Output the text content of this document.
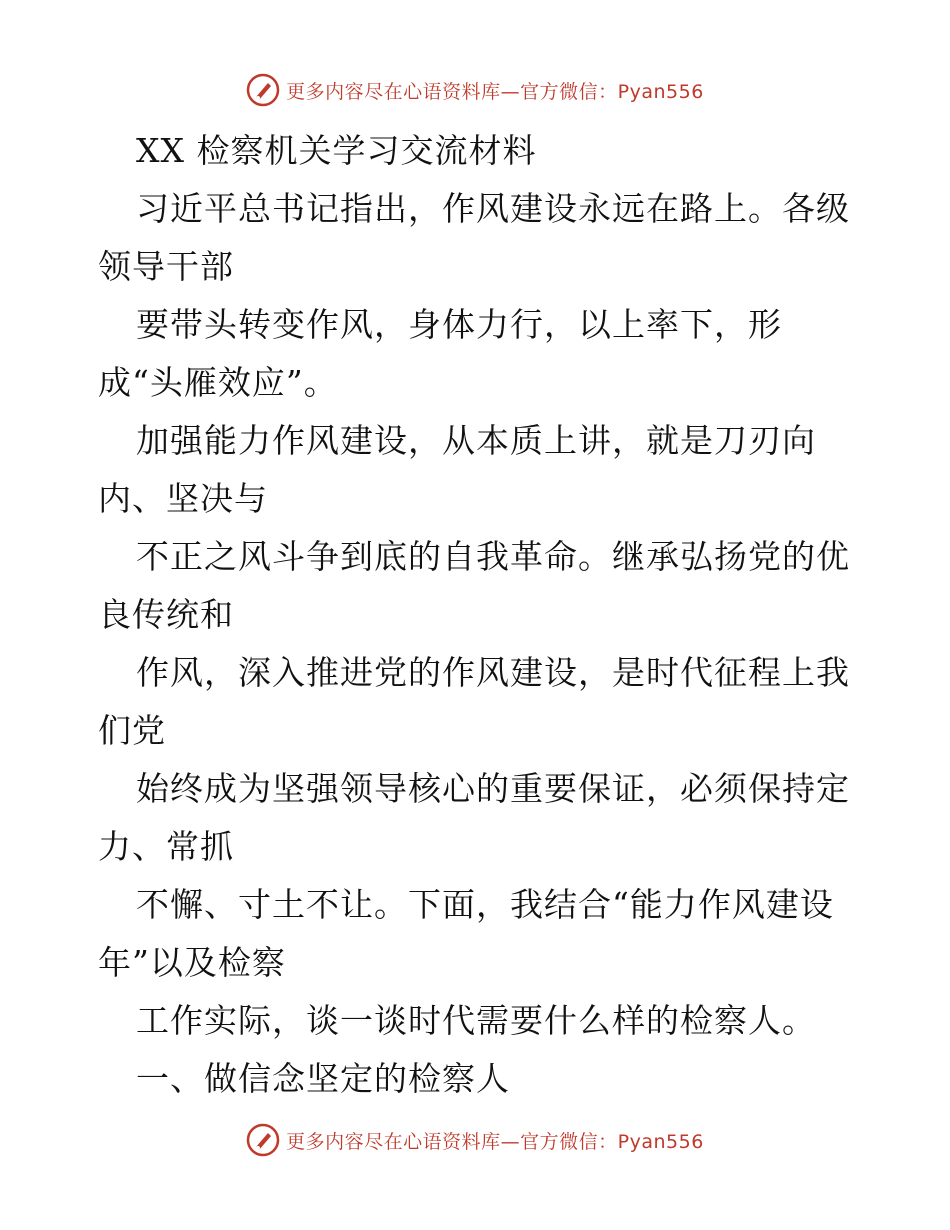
更多内容尽在心语资料库—官方微信：Pyan556
XX 检察机关学习交流材料
习近平总书记指出，作风建设永远在路上。各级
领导干部
要带头转变作风，身体力行，以上率下，形
成“头雁效应”。
加强能力作风建设，从本质上讲，就是刀刃向
内、坚决与
不正之风斗争到底的自我革命。继承弘扬党的优
良传统和
作风，深入推进党的作风建设，是时代征程上我
们党
始终成为坚强领导核心的重要保证，必须保持定
力、常抓
不懈、寸土不让。下面，我结合“能力作风建设
年”以及检察
工作实际，谈一谈时代需要什么样的检察人。
一、做信念坚定的检察人
更多内容尽在心语资料库—官方微信：Pyan556
